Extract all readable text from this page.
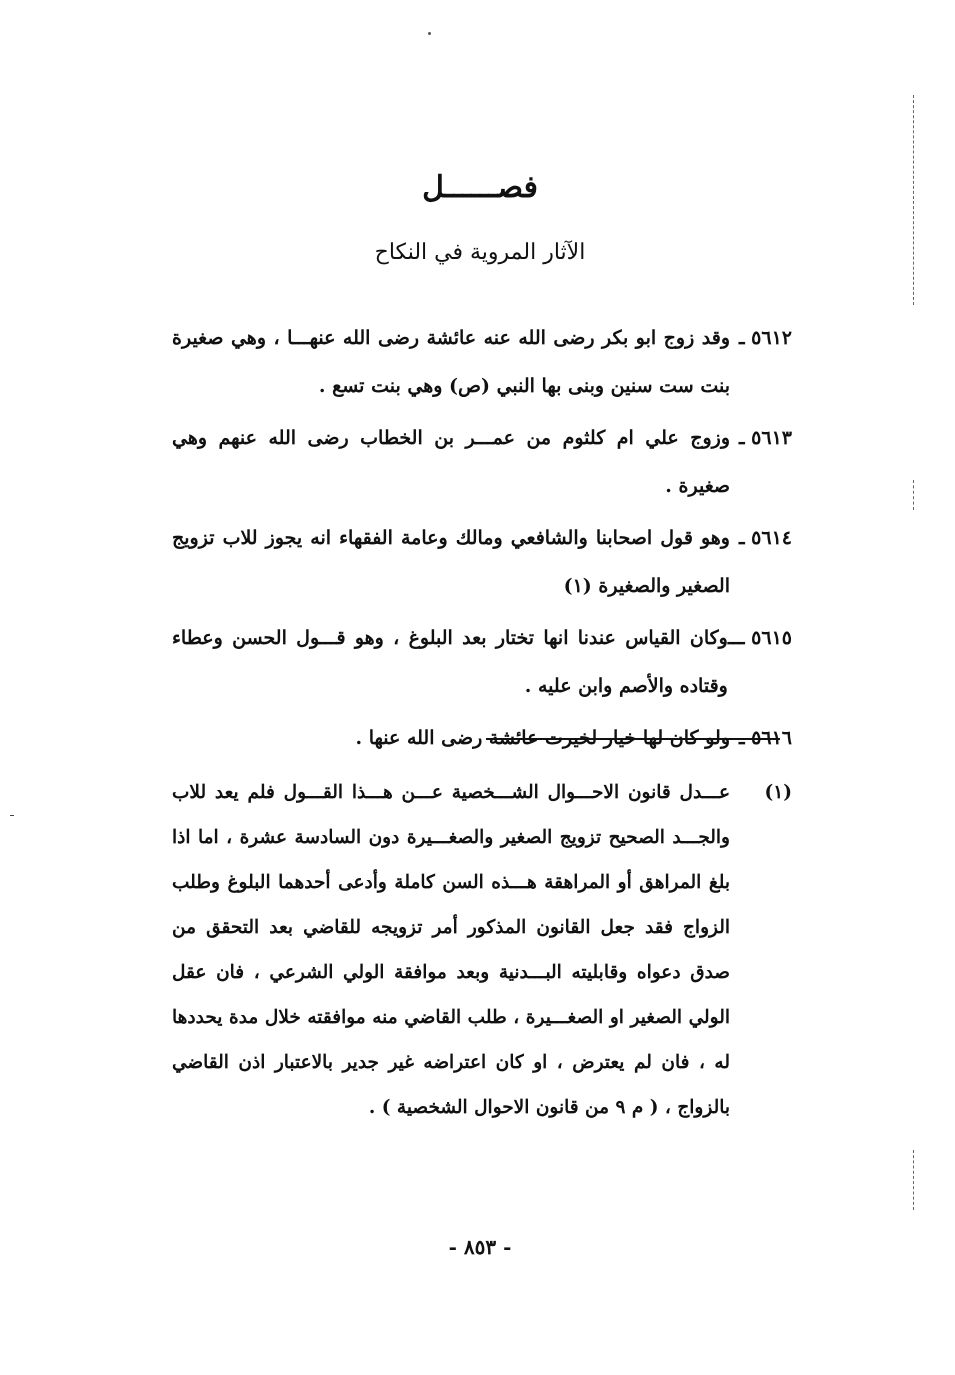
فصــــــل
الآثار المروية في النكاح
٥٦١٢ ـ
وقد زوج ابو بكر رضى الله عنه عائشة رضى الله عنهـــا ، وهي صغيرة بنت ست سنين وبنى بها النبي (ص) وهي بنت تسع .
٥٦١٣ ـ
وزوج علي ام كلثوم من عمـــر بن الخطاب رضى الله عنهم وهي صغيرة .
٥٦١٤ ـ
وهو قول اصحابنا والشافعي ومالك وعامة الفقهاء انه يجوز للاب تزويج الصغير والصغيرة (١)
٥٦١٥ ـــ
وكان القياس عندنا انها تختار بعد البلوغ ، وهو قـــول الحسن وعطاء وقتاده والأصم وابن عليه .
٥٦١٦ ـ
ولو كان لها خيار لخيرت عائشة رضى الله عنها .
(١)
عـــدل قانون الاحـــوال الشـــخصية عـــن هـــذا القـــول فلم يعد للاب والجـــد الصحيح تزويج الصغير والصغـــيرة دون السادسة عشرة ، اما اذا بلغ المراهق أو المراهقة هـــذه السن كاملة وأدعى أحدهما البلوغ وطلب الزواج فقد جعل القانون المذكور أمر تزويجه للقاضي بعد التحقق من صدق دعواه وقابليته البـــدنية وبعد موافقة الولي الشرعي ، فان عقل الولي الصغير او الصغـــيرة ، طلب القاضي منه موافقته خلال مدة يحددها له ، فان لم يعترض ، او كان اعتراضه غير جدير بالاعتبار اذن القاضي بالزواج ، ( م ٩ من قانون الاحوال الشخصية ) .
- ٨٥٣ -
